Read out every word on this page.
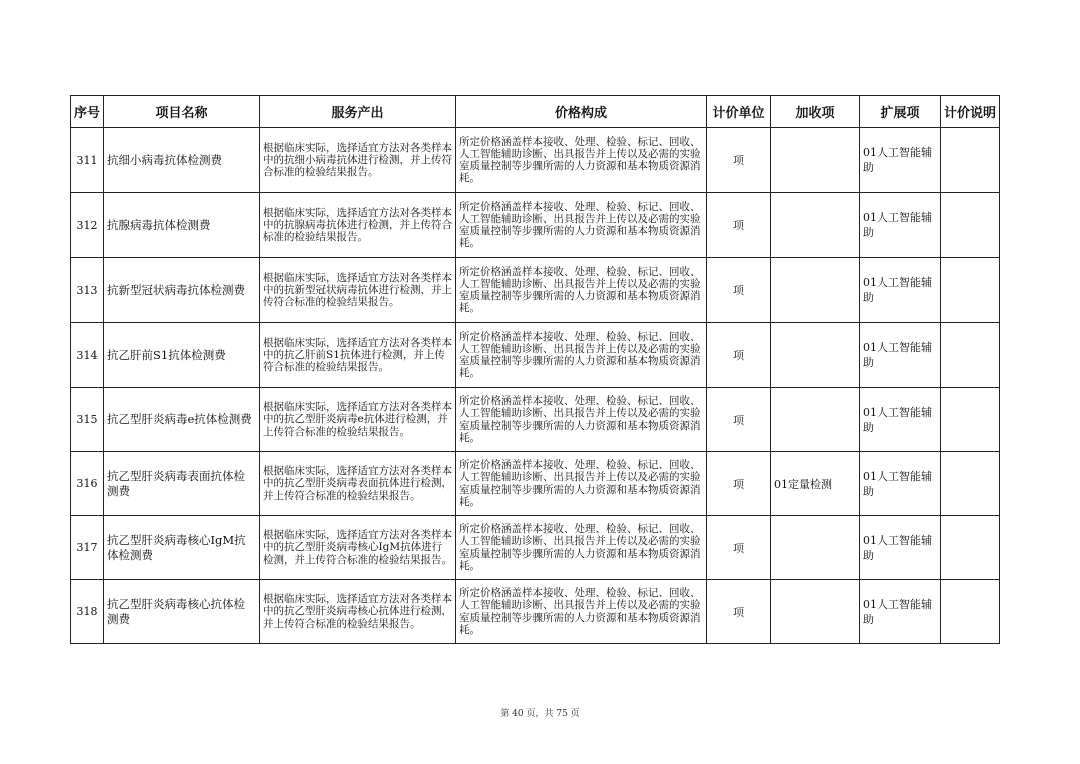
序号	项目名称	服务产出	价格构成	计价单位	加收项	扩展项	计价说明
311	抗细小病毒抗体检测费	根据临床实际，选择适宜方法对各类样本中的抗细小病毒抗体进行检测，并上传符合标准的检验结果报告。	所定价格涵盖样本接收、处理、检验、标记、回收、人工智能辅助诊断、出具报告并上传以及必需的实验室质量控制等步骤所需的人力资源和基本物质资源消耗。	项		01人工智能辅助	
312	抗腺病毒抗体检测费	根据临床实际，选择适宜方法对各类样本中的抗腺病毒抗体进行检测，并上传符合标准的检验结果报告。	所定价格涵盖样本接收、处理、检验、标记、回收、人工智能辅助诊断、出具报告并上传以及必需的实验室质量控制等步骤所需的人力资源和基本物质资源消耗。	项		01人工智能辅助	
313	抗新型冠状病毒抗体检测费	根据临床实际，选择适宜方法对各类样本中的抗新型冠状病毒抗体进行检测，并上传符合标准的检验结果报告。	所定价格涵盖样本接收、处理、检验、标记、回收、人工智能辅助诊断、出具报告并上传以及必需的实验室质量控制等步骤所需的人力资源和基本物质资源消耗。	项		01人工智能辅助	
314	抗乙肝前S1抗体检测费	根据临床实际，选择适宜方法对各类样本中的抗乙肝前S1抗体进行检测，并上传符合标准的检验结果报告。	所定价格涵盖样本接收、处理、检验、标记、回收、人工智能辅助诊断、出具报告并上传以及必需的实验室质量控制等步骤所需的人力资源和基本物质资源消耗。	项		01人工智能辅助	
315	抗乙型肝炎病毒e抗体检测费	根据临床实际，选择适宜方法对各类样本中的抗乙型肝炎病毒e抗体进行检测，并上传符合标准的检验结果报告。	所定价格涵盖样本接收、处理、检验、标记、回收、人工智能辅助诊断、出具报告并上传以及必需的实验室质量控制等步骤所需的人力资源和基本物质资源消耗。	项		01人工智能辅助	
316	抗乙型肝炎病毒表面抗体检测费	根据临床实际，选择适宜方法对各类样本中的抗乙型肝炎病毒表面抗体进行检测，并上传符合标准的检验结果报告。	所定价格涵盖样本接收、处理、检验、标记、回收、人工智能辅助诊断、出具报告并上传以及必需的实验室质量控制等步骤所需的人力资源和基本物质资源消耗。	项	01定量检测	01人工智能辅助	
317	抗乙型肝炎病毒核心IgM抗体检测费	根据临床实际，选择适宜方法对各类样本中的抗乙型肝炎病毒核心IgM抗体进行检测，并上传符合标准的检验结果报告。	所定价格涵盖样本接收、处理、检验、标记、回收、人工智能辅助诊断、出具报告并上传以及必需的实验室质量控制等步骤所需的人力资源和基本物质资源消耗。	项		01人工智能辅助	
318	抗乙型肝炎病毒核心抗体检测费	根据临床实际，选择适宜方法对各类样本中的抗乙型肝炎病毒核心抗体进行检测，并上传符合标准的检验结果报告。	所定价格涵盖样本接收、处理、检验、标记、回收、人工智能辅助诊断、出具报告并上传以及必需的实验室质量控制等步骤所需的人力资源和基本物质资源消耗。	项		01人工智能辅助	
第 40 页，共 75 页
